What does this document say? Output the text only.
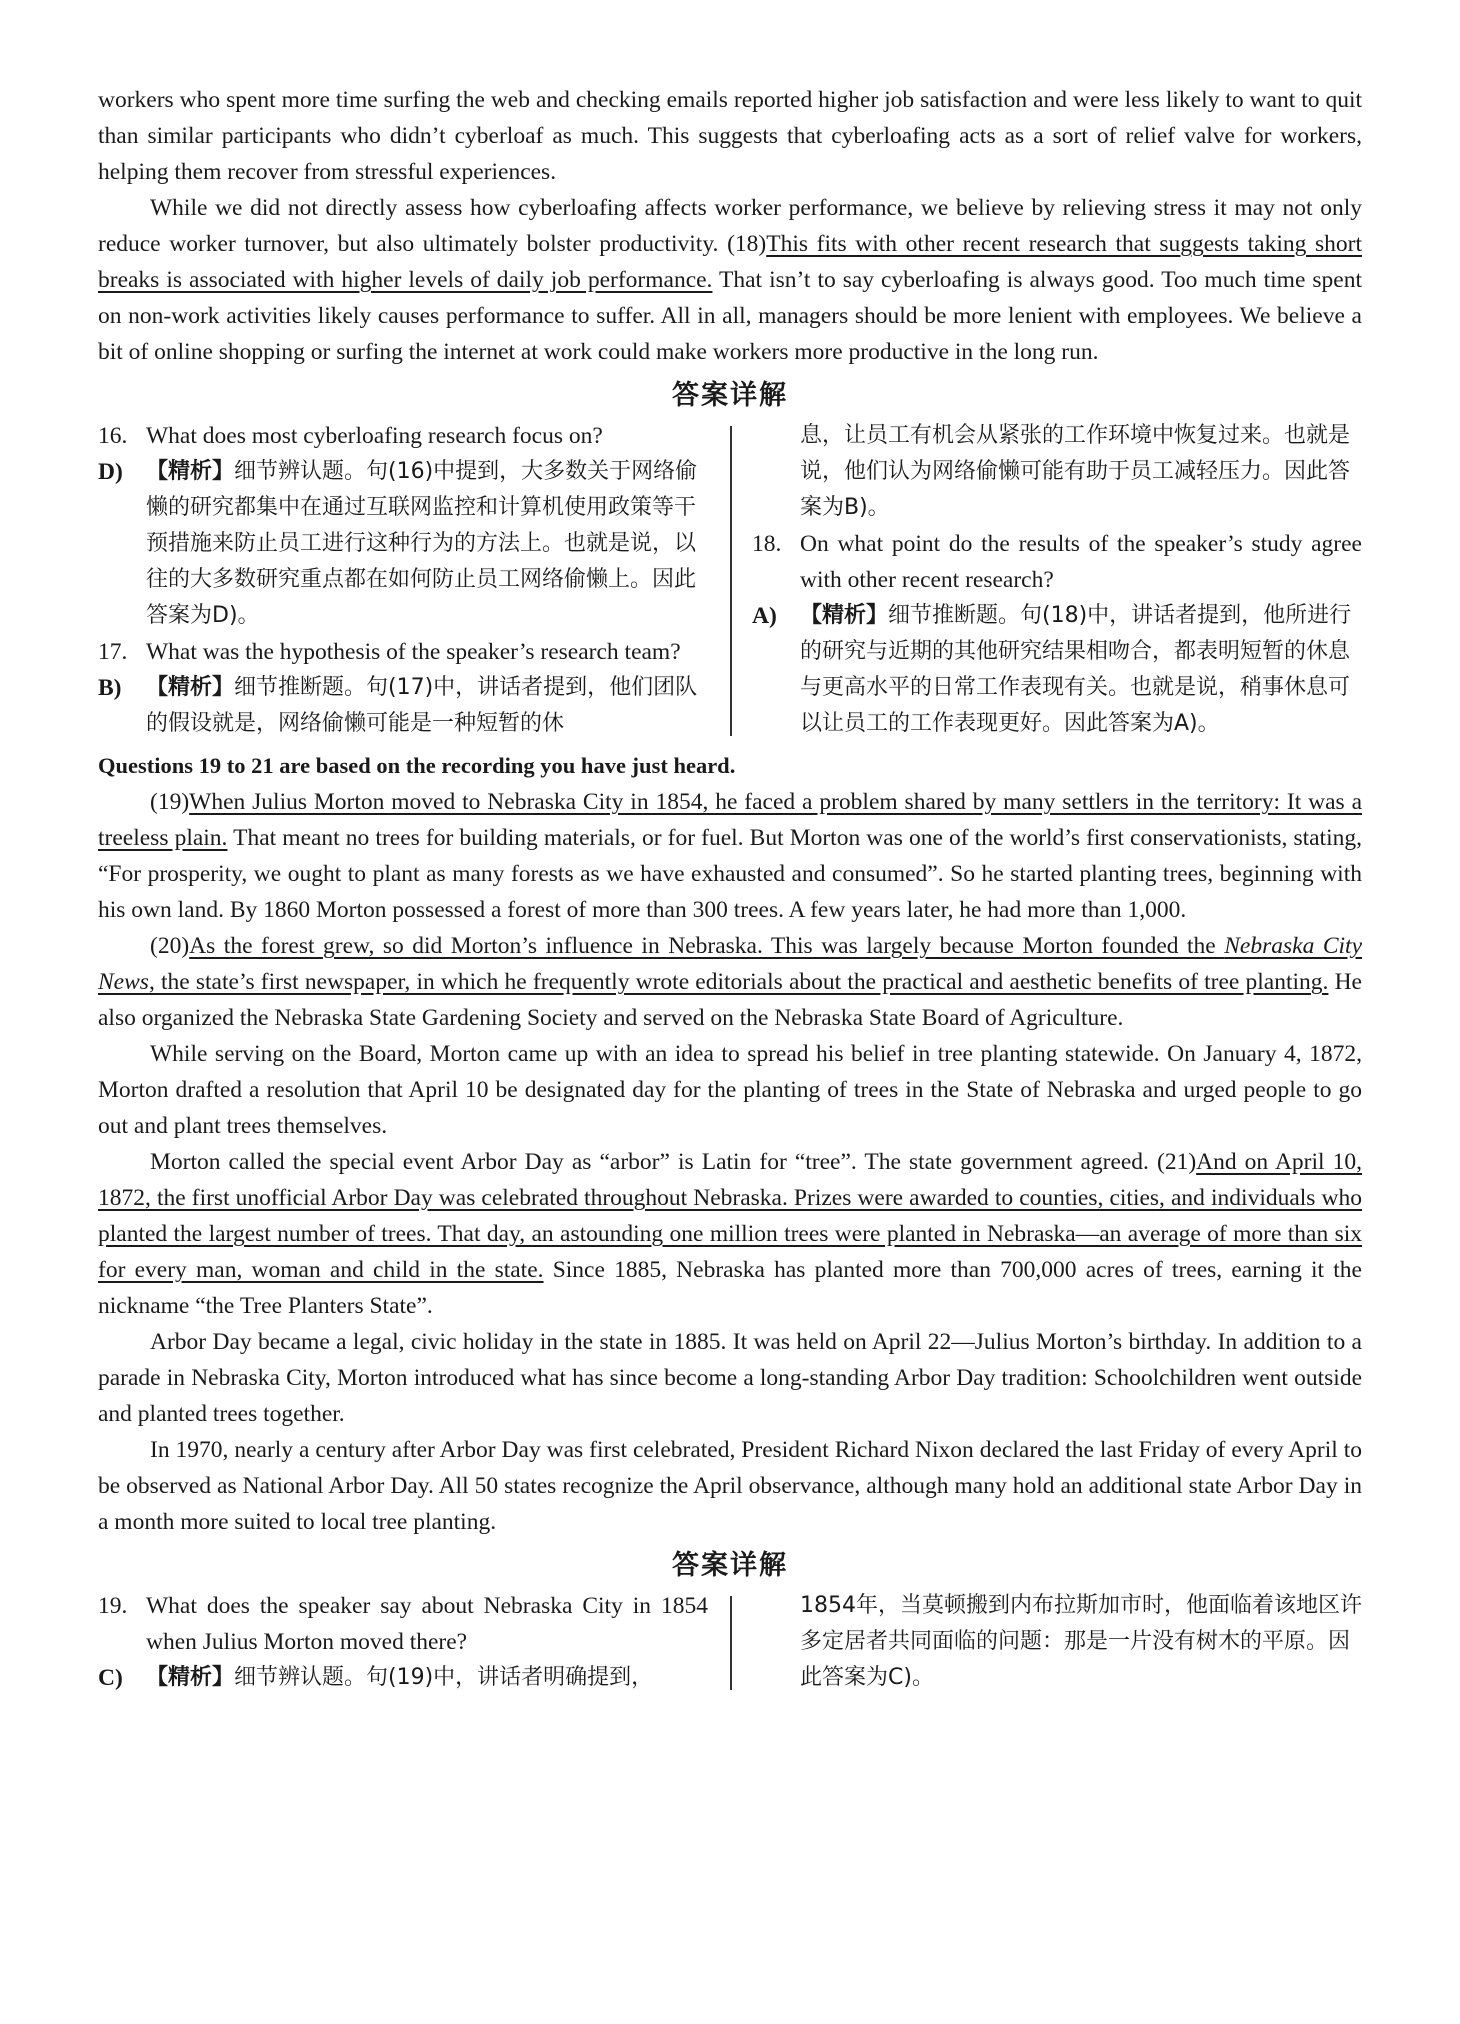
workers who spent more time surfing the web and checking emails reported higher job satisfaction and were less likely to want to quit than similar participants who didn’t cyberloaf as much. This suggests that cyberloafing acts as a sort of relief valve for workers, helping them recover from stressful experiences.

While we did not directly assess how cyberloafing affects worker performance, we believe by relieving stress it may not only reduce worker turnover, but also ultimately bolster productivity. (18)This fits with other recent research that suggests taking short breaks is associated with higher levels of daily job performance. That isn’t to say cyberloafing is always good. Too much time spent on non-work activities likely causes performance to suffer. All in all, managers should be more lenient with employees. We believe a bit of online shopping or surfing the internet at work could make workers more productive in the long run.

答案详解
16. What does most cyberloafing research focus on?
D)	【精析】细节辨认题。句(16)中提到，大多数关于网络偷懒的研究都集中在通过互联网监控和计算机使用政策等干预措施来防止员工进行这种行为的方法上。也就是说，以往的大多数研究重点都在如何防止员工网络偷懒上。因此答案为D)。
17. What was the hypothesis of the speaker’s research team?
B)	【精析】细节推断题。句(17)中，讲话者提到，他们团队的假设就是，网络偷懒可能是一种短暂的休
息，让员工有机会从紧张的工作环境中恢复过来。也就是说，他们认为网络偷懒可能有助于员工减轻压力。因此答案为B)。
18. On what point do the results of the speaker’s study agree with other recent research?
A)	【精析】细节推断题。句(18)中，讲话者提到，他所进行的研究与近期的其他研究结果相吻合，都表明短暂的休息与更高水平的日常工作表现有关。也就是说，稍事休息可以让员工的工作表现更好。因此答案为A)。
Questions 19 to 21 are based on the recording you have just heard.

(19)When Julius Morton moved to Nebraska City in 1854, he faced a problem shared by many settlers in the territory: It was a treeless plain. That meant no trees for building materials, or for fuel. But Morton was one of the world’s first conservationists, stating, “For prosperity, we ought to plant as many forests as we have exhausted and consumed”. So he started planting trees, beginning with his own land. By 1860 Morton possessed a forest of more than 300 trees. A few years later, he had more than 1,000.

(20)As the forest grew, so did Morton’s influence in Nebraska. This was largely because Morton founded the Nebraska City News, the state’s first newspaper, in which he frequently wrote editorials about the practical and aesthetic benefits of tree planting. He also organized the Nebraska State Gardening Society and served on the Nebraska State Board of Agriculture.

While serving on the Board, Morton came up with an idea to spread his belief in tree planting statewide. On January 4, 1872, Morton drafted a resolution that April 10 be designated day for the planting of trees in the State of Nebraska and urged people to go out and plant trees themselves.

Morton called the special event Arbor Day as “arbor” is Latin for “tree”. The state government agreed. (21)And on April 10, 1872, the first unofficial Arbor Day was celebrated throughout Nebraska. Prizes were awarded to counties, cities, and individuals who planted the largest number of trees. That day, an astounding one million trees were planted in Nebraska—an average of more than six for every man, woman and child in the state. Since 1885, Nebraska has planted more than 700,000 acres of trees, earning it the nickname “the Tree Planters State”.

Arbor Day became a legal, civic holiday in the state in 1885. It was held on April 22—Julius Morton’s birthday. In addition to a parade in Nebraska City, Morton introduced what has since become a long-standing Arbor Day tradition: Schoolchildren went outside and planted trees together.

In 1970, nearly a century after Arbor Day was first celebrated, President Richard Nixon declared the last Friday of every April to be observed as National Arbor Day. All 50 states recognize the April observance, although many hold an additional state Arbor Day in a month more suited to local tree planting.

答案详解
19. What does the speaker say about Nebraska City in 1854 when Julius Morton moved there?
C)	【精析】细节辨认题。句(19)中，讲话者明确提到，
1854年，当莫顿搬到内布拉斯加市时，他面临着该地区许多定居者共同面临的问题：那是一片没有树木的平原。因此答案为C)。
